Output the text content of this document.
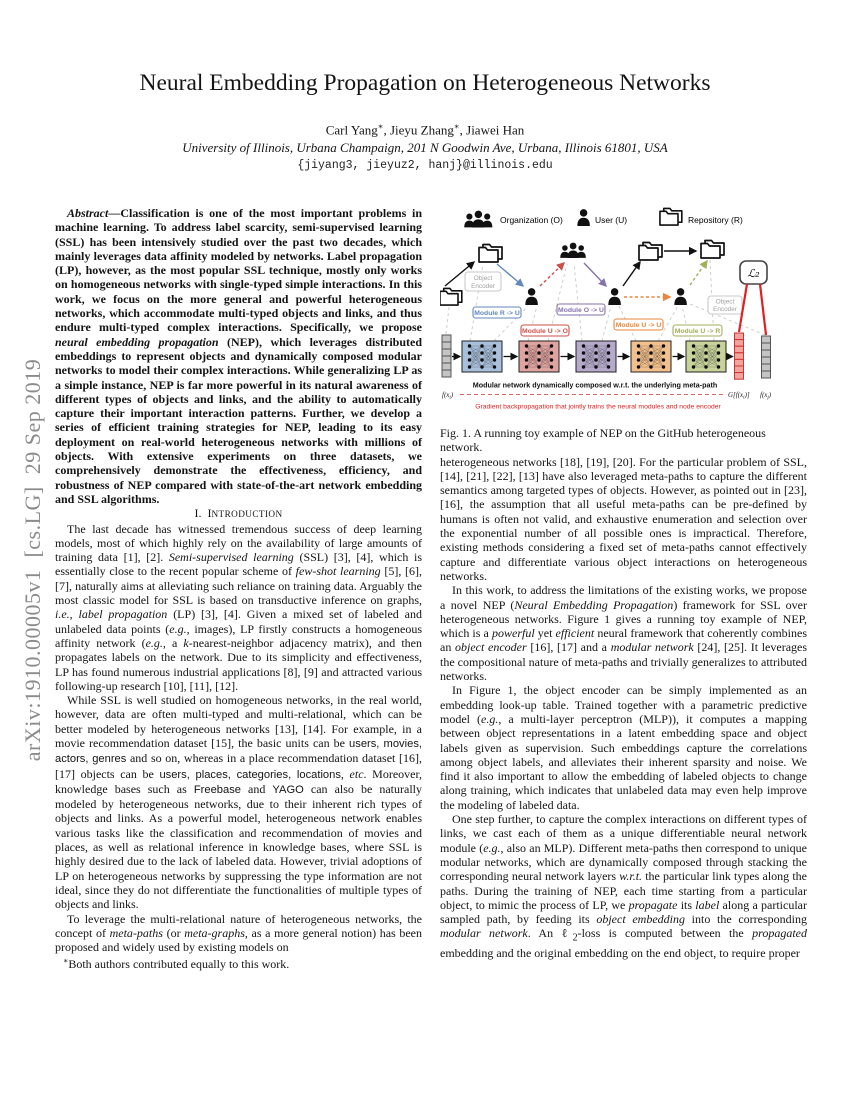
arXiv:1910.00005v1  [cs.LG]  29 Sep 2019
Neural Embedding Propagation on Heterogeneous Networks
Carl Yang∗, Jieyu Zhang∗, Jiawei Han
University of Illinois, Urbana Champaign, 201 N Goodwin Ave, Urbana, Illinois 61801, USA
{jiyang3, jieyuz2, hanj}@illinois.edu

Abstract—Classification is one of the most important problems in machine learning. To address label scarcity, semi-supervised learning (SSL) has been intensively studied over the past two decades, which mainly leverages data affinity modeled by networks. Label propagation (LP), however, as the most popular SSL technique, mostly only works on homogeneous networks with single-typed simple interactions. In this work, we focus on the more general and powerful heterogeneous networks, which accommodate multi-typed objects and links, and thus endure multi-typed complex interactions. Specifically, we propose neural embedding propagation (NEP), which leverages distributed embeddings to represent objects and dynamically composed modular networks to model their complex interactions. While generalizing LP as a simple instance, NEP is far more powerful in its natural awareness of different types of objects and links, and the ability to automatically capture their important interaction patterns. Further, we develop a series of efficient training strategies for NEP, leading to its easy deployment on real-world heterogeneous networks with millions of objects. With extensive experiments on three datasets, we comprehensively demonstrate the effectiveness, efficiency, and robustness of NEP compared with state-of-the-art network embedding and SSL algorithms.

I.  INTRODUCTION

The last decade has witnessed tremendous success of deep learning models, most of which highly rely on the availability of large amounts of training data [1], [2]. Semi-supervised learning (SSL) [3], [4], which is essentially close to the recent popular scheme of few-shot learning [5], [6], [7], naturally aims at alleviating such reliance on training data. Arguably the most classic model for SSL is based on transductive inference on graphs, i.e., label propagation (LP) [3], [4]. Given a mixed set of labeled and unlabeled data points (e.g., images), LP firstly constructs a homogeneous affinity network (e.g., a k-nearest-neighbor adjacency matrix), and then propagates labels on the network. Due to its simplicity and effectiveness, LP has found numerous industrial applications [8], [9] and attracted various following-up research [10], [11], [12].

While SSL is well studied on homogeneous networks, in the real world, however, data are often multi-typed and multi-relational, which can be better modeled by heterogeneous networks [13], [14]. For example, in a movie recommendation dataset [15], the basic units can be users, movies, actors, genres and so on, whereas in a place recommendation dataset [16], [17] objects can be users, places, categories, locations, etc. Moreover, knowledge bases such as Freebase and YAGO can also be naturally modeled by heterogeneous networks, due to their inherent rich types of objects and links. As a powerful model, heterogeneous network enables various tasks like the classification and recommendation of movies and places, as well as relational inference in knowledge bases, where SSL is highly desired due to the lack of labeled data. However, trivial adoptions of LP on heterogeneous networks by suppressing the type information are not ideal, since they do not differentiate the functionalities of multiple types of objects and links.

To leverage the multi-relational nature of heterogeneous networks, the concept of meta-paths (or meta-graphs, as a more general notion) has been proposed and widely used by existing models on

∗Both authors contributed equally to this work.

Organization (O)	User (U)	Repository (R)
Object
Encoder
Object
Encoder
Module R -> U
Module U -> O
Module O -> U
Module U -> U
Module U -> R
ℒ₂
Modular network dynamically composed w.r.t. the underlying meta-path
$f(x_i)$	$G[f(x_i)]$ $f(x_j)$
Gradient backpropagation that jointly trains the neural modules and node encoder

Fig. 1. A running toy example of NEP on the GitHub heterogeneous network.

heterogeneous networks [18], [19], [20]. For the particular problem of SSL, [14], [21], [22], [13] have also leveraged meta-paths to capture the different semantics among targeted types of objects. However, as pointed out in [23], [16], the assumption that all useful meta-paths can be pre-defined by humans is often not valid, and exhaustive enumeration and selection over the exponential number of all possible ones is impractical. Therefore, existing methods considering a fixed set of meta-paths cannot effectively capture and differentiate various object interactions on heterogeneous networks.

In this work, to address the limitations of the existing works, we propose a novel NEP (Neural Embedding Propagation) framework for SSL over heterogeneous networks. Figure 1 gives a running toy example of NEP, which is a powerful yet efficient neural framework that coherently combines an object encoder [16], [17] and a modular network [24], [25]. It leverages the compositional nature of meta-paths and trivially generalizes to attributed networks.

In Figure 1, the object encoder can be simply implemented as an embedding look-up table. Trained together with a parametric predictive model (e.g., a multi-layer perceptron (MLP)), it computes a mapping between object representations in a latent embedding space and object labels given as supervision. Such embeddings capture the correlations among object labels, and alleviates their inherent sparsity and noise. We find it also important to allow the embedding of labeled objects to change along training, which indicates that unlabeled data may even help improve the modeling of labeled data.

One step further, to capture the complex interactions on different types of links, we cast each of them as a unique differentiable neural network module (e.g., also an MLP). Different meta-paths then correspond to unique modular networks, which are dynamically composed through stacking the corresponding neural network layers w.r.t. the particular link types along the paths. During the training of NEP, each time starting from a particular object, to mimic the process of LP, we propagate its label along a particular sampled path, by feeding its object embedding into the corresponding modular network. An ℓ$_2$-loss is computed between the propagated embedding and the original embedding on the end object, to require proper
